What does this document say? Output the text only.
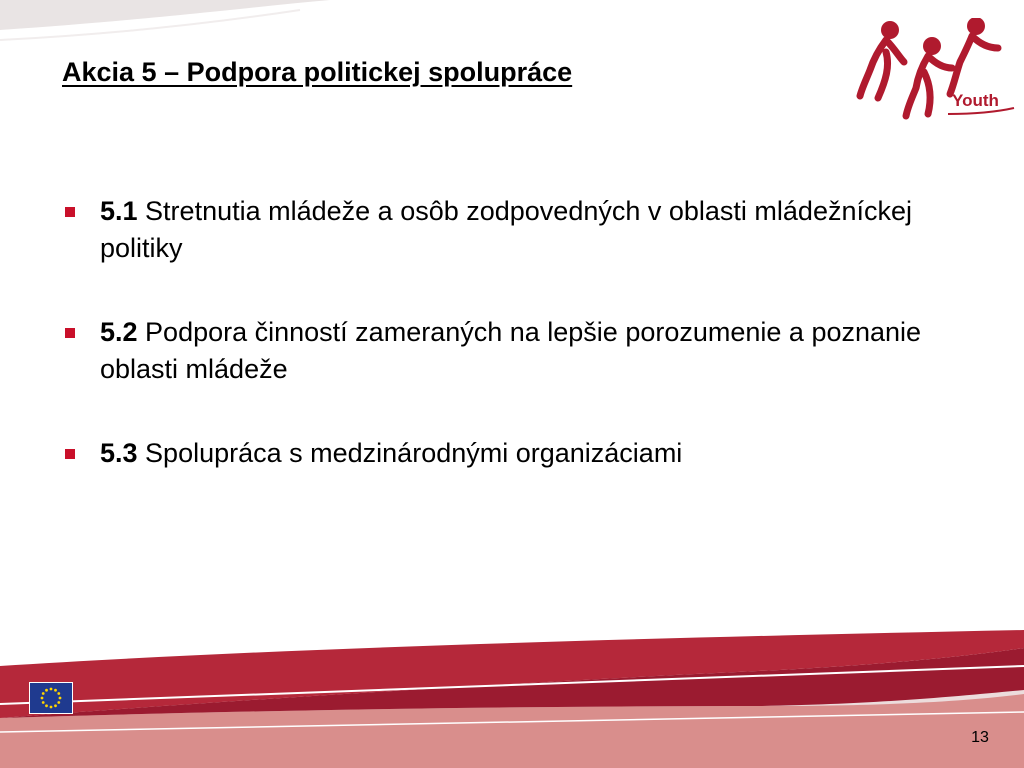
Akcia 5 – Podpora politickej spolupráce
Youth
5.1 Stretnutia mládeže a osôb zodpovedných v oblasti mládežníckej politiky
5.2 Podpora činností zameraných na lepšie porozumenie a poznanie oblasti mládeže
5.3 Spolupráca s medzinárodnými organizáciami
13
